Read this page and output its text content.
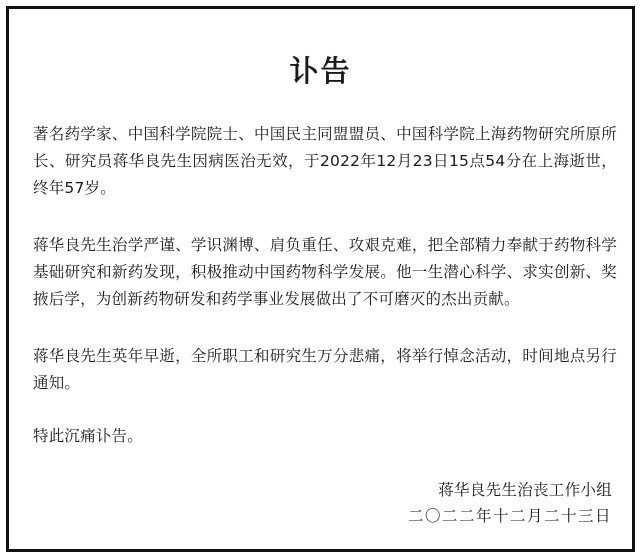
讣告

著名药学家、中国科学院院士、中国民主同盟盟员、中国科学院上海药物研究所原所长、研究员蒋华良先生因病医治无效，于2022年12月23日15点54分在上海逝世，终年57岁。

蒋华良先生治学严谨、学识渊博、肩负重任、攻艰克难，把全部精力奉献于药物科学基础研究和新药发现，积极推动中国药物科学发展。他一生潜心科学、求实创新、奖掖后学，为创新药物研发和药学事业发展做出了不可磨灭的杰出贡献。

蒋华良先生英年早逝，全所职工和研究生万分悲痛，将举行悼念活动，时间地点另行通知。

特此沉痛讣告。

蒋华良先生治丧工作小组

二〇二二年十二月二十三日
